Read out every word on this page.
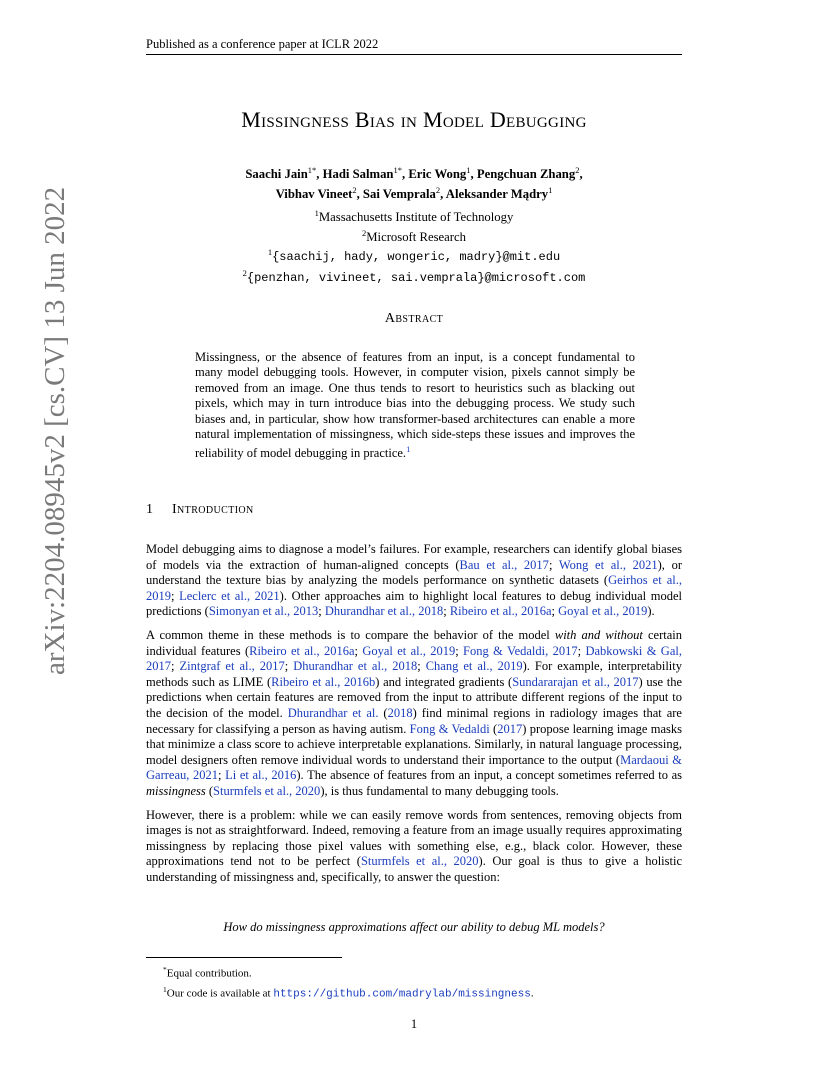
Published as a conference paper at ICLR 2022
arXiv:2204.08945v2 [cs.CV] 13 Jun 2022
Missingness Bias in Model Debugging
Saachi Jain$^{1*}$, Hadi Salman$^{1*}$, Eric Wong$^1$, Pengchuan Zhang$^2$,
Vibhav Vineet$^2$, Sai Vemprala$^2$, Aleksander Mądry$^1$
$^1$Massachusetts Institute of Technology
$^2$Microsoft Research
$^1${saachij, hady, wongeric, madry}@mit.edu
$^2${penzhan, vivineet, sai.vemprala}@microsoft.com
Abstract
Missingness, or the absence of features from an input, is a concept fundamental to many model debugging tools. However, in computer vision, pixels cannot simply be removed from an image. One thus tends to resort to heuristics such as blacking out pixels, which may in turn introduce bias into the debugging process. We study such biases and, in particular, show how transformer-based architectures can enable a more natural implementation of missingness, which side-steps these issues and improves the reliability of model debugging in practice.$^1$
1 Introduction

Model debugging aims to diagnose a model’s failures. For example, researchers can identify global biases of models via the extraction of human-aligned concepts (Bau et al., 2017; Wong et al., 2021), or understand the texture bias by analyzing the models performance on synthetic datasets (Geirhos et al., 2019; Leclerc et al., 2021). Other approaches aim to highlight local features to debug individual model predictions (Simonyan et al., 2013; Dhurandhar et al., 2018; Ribeiro et al., 2016a; Goyal et al., 2019).

A common theme in these methods is to compare the behavior of the model with and without certain individual features (Ribeiro et al., 2016a; Goyal et al., 2019; Fong & Vedaldi, 2017; Dabkowski & Gal, 2017; Zintgraf et al., 2017; Dhurandhar et al., 2018; Chang et al., 2019). For example, interpretability methods such as LIME (Ribeiro et al., 2016b) and integrated gradients (Sundararajan et al., 2017) use the predictions when certain features are removed from the input to attribute different regions of the input to the decision of the model. Dhurandhar et al. (2018) find minimal regions in radiology images that are necessary for classifying a person as having autism. Fong & Vedaldi (2017) propose learning image masks that minimize a class score to achieve interpretable explanations. Similarly, in natural language processing, model designers often remove individual words to understand their importance to the output (Mardaoui & Garreau, 2021; Li et al., 2016). The absence of features from an input, a concept sometimes referred to as missingness (Sturmfels et al., 2020), is thus fundamental to many debugging tools.

However, there is a problem: while we can easily remove words from sentences, removing objects from images is not as straightforward. Indeed, removing a feature from an image usually requires approximating missingness by replacing those pixel values with something else, e.g., black color. However, these approximations tend not to be perfect (Sturmfels et al., 2020). Our goal is thus to give a holistic understanding of missingness and, specifically, to answer the question:

How do missingness approximations affect our ability to debug ML models?
*Equal contribution.
$^1$Our code is available at https://github.com/madrylab/missingness.
1
